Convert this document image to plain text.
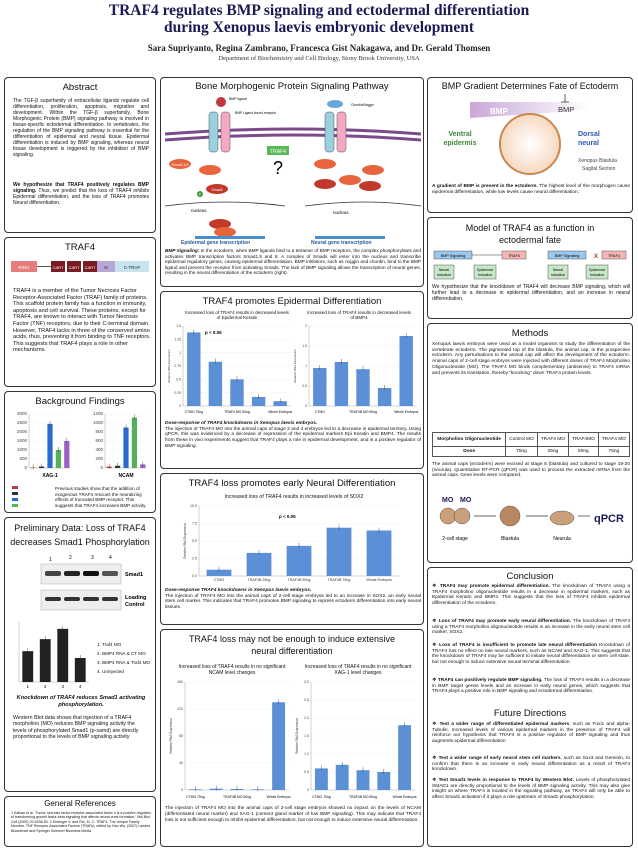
TRAF4 regulates BMP signaling and ectodermal differentiation
during Xenopus laevis embryonic development
Sara Supriyanto, Regina Zambrano, Francesca Gist Nakagawa, and Dr. Gerald Thomsen
Department of Biochemistry and Cell Biology, Stony Brook University, USA
Abstract
The TGF-β superfamily of extracellular ligands regulate cell differentiation, proliferation, apoptosis, migration and development. Within the TGF-β superfamily, Bone Morphogenic Protein (BMP) signaling pathway is involved in tissue-specific ectodermal differentiation. In vertebrates, the regulation of the BMP signaling pathway is essential for the differentiation of epidermal and neural tissue. Epidermal differentiation is induced by BMP signaling, whereas neural tissue development is triggered by the inhibition of BMP signaling.
We hypothesize that TRAF4 positively regulates BMP signaling. Thus, we predict that the loss of TRAF4 inhibits Epidermal differentiation, and the loss of TRAF4 promotes Neural differentiation.
TRAF4
RING	CART CART CART N	C-TRAF
TRAF4 is a member of the Tumor Necrosis Factor Receptor-Associated Factor (TRAF) family of proteins. This scaffold protein family has a function in immunity, apoptosis and cell survival. These proteins, except for TRAF4, are known to interact with Tumor Necrosis Factor (TNF) receptors, due to their C-terminal domain. However, TRAF4 lacks in three of the conserved amino acids, thus, preventing it from binding to TNF receptors. This suggests that TRAF4 plays a role in other mechanisms.
Background Findings
3000
2500
2000
1500
1000
500
0
XAG-1
1200
1000
800
600
400
200
0
NCAM
Previous studies show that the addition of exogenous TRAF4 rescues the neuralizing effects of truncated BMP receptor. This suggests that TRAF4 increases BMP activity.
Preliminary Data: Loss of TRAF4
decreases Smad1 Phosphorylation
1	2	3	4
Smad1
Loading
Control
1	2	3	4
1. Traf4 MO
2. BMP4 RNA & CT MO
3. BMP4 RNA & Traf4 MO
4. Uninjected
Knockdown of TRAF4 reduces Smad1 activating phosphorylation.
Western Blot data shows that injection of a TRAF4 morpholino (MO) reduces BMP signaling activity the levels of phosphorylated Smad1 (p-samd) are directly proportional to the levels of BMP signaling activity
General References
1 Kalkan et al. 'Tumor necrosis factor-receptor-associated factor 4 is a positive regulator of transforming growth factor-beta signaling that affects neural crest formation.' Mol Biol Cell (2009) 20:3436-50. 2 Kedinger V, and Rio, M. C. TRAF4, The Unique Family Member. TNF Receptor Associated Factors (TRAFs), edited by Hao Wu, (2007) Landes Bioscience and Springer Science+Business Media
Bone Morphogenic Protein Signaling Pathway
BMP ligand
BMP Ligand bound receptor
Chordin/Noggin
TRAF4
?
Smad1,5,8
Smad4
P
nucleus	nucleus
Epidermal gene transcription	Neural gene transcription
BMP Signaling: In the ectoderm, when BMP ligands bind to a tetramer of BMP receptors, the complex phosphorylates and activates BMP transcription factors Smad1,5 and 8. A complex of Smads will enter into the nucleus and transcribe epidermal regulatory genes, causing epidermal differentiation. BMP inhibitors, such as noggin and chordin, bind to the BMP ligand and prevent the receptor from activating Smads. The lack of BMP signaling allows the transcription of neural genes, resulting in the neural differentiation of the ectoderm (right).
BMP Gradient Determines Fate of Ectoderm
BMP	BMP
Ventral
epidermis
Dorsal
neural
Xenopus Blastula
Sagital Section
A gradient of BMP is present in the ectoderm. The highest level of the morphogen cause epidermal differentiation, while low levels cause neural differentiation.
Model of TRAF4 as a function in
ectodermal fate
BMP Signaling	TRAF4	BMP Signaling X	TRAF4
Neural
Induction
Epidermal
Induction
Neural
Induction
Epidermal
Induction
We hypothesize that the knockdown of TRAF4 will decrease BMP signaling, which will further lead to a decrease in epidermal differentiation, and an increase in neural differentiation.
TRAF4 promotes Epidermal Differentiation
Increased loss of TRAF4 results in decreased levels of Epidermal Keratin
Increased loss of TRAF4 results in decreased levels of BMP4
1.5
1.25
1
0.75
0.5
0.25
0
Relative RNA Expression
p < 0.05
CTMO 75ng	TRAF4 MO 50ng	Whole Embryos
2
1.5
1
0.5
0
Relative RNA Expression
CTMO	TRAF4B MO 50ng	Whole Embryos
Dose-response of TRAF4 knockdowns in Xenopus laevis embryos.
The injection of TRAF4 MO into the animal caps of stage 2 and 4 embryos led to a decrease in epidermal territory. Using qPCR, this was evidenced by a decrease of expression of the epidermal markers Epi Keratin and BMP4. The results from these in vivo experiments suggest that TRAF4 plays a role in epidermal development, and is a positive regulator of BMP signaling.
TRAF4 loss promotes early Neural Differentiation
Increased loss of TRAF4 results in increased levels of SOX2
10.0
7.5
5.0
2.5
0.0
CTMO	TRAF4B 25ng	TRAF4B 50ng	TRAF4B 75ng	Whole Embryos
Relative RNA Expression
p < 0.05
Dose-response TRAF4 knockdowns in Xenopus laevis embryos.
The injection of TRAF4 MO into the animal caps of 2-cell stage embryos led to an increase in SOX2, an early neural stem cell marker. This indicates that TRAF4 promotes BMP signaling to repress ectoderm differentiation into early neural tissues.
TRAF4 loss may not be enough to induce extensive
neural differentiation
Increased loss of TRAF4 results in no significant NCAM level changes
Increased loss of TRAF4 results in no significant XAG-1 level changes
160
120
80
40
0
Relative RNA Expression
CTMO 75ng	TRAF4B MO 50ng	Whole Embryos
3.0
2.5
2.0
1.5
1.0
0.5
0
Relative RNA Expression
CTMO 75ng	TRAF4B MO 50ng	Whole Embryos
The injection of TRAF4 MO into the animal caps of 2-cell stage embryos showed no impact on the levels of NCAM (differentiated neural marker) and XAG-1 (cement gland marker of low BMP signaling). This may indicate that TRAF4 loss is not sufficient enough to inhibit epidermal differentiation, but not enough to induce extensive neural differentiation.
Methods
Xenopus laevis embryos were used as a model organism to study the differentiation of the vertebrate ectoderm. The pigmented top of the blastula, the animal cap, is the prospective ectoderm. Any perturbations to the animal cap will affect the development of the ectoderm. Animal caps of 2-cell stage embryos were injected with different doses of TRAF4 Morpholino Oligonucleotide (MO). The TRAF4 MO binds complementary (antisense) to TRAF4 mRNA and prevents its translation, thereby "knocking" down TRAF4 protein levels.
Morpholino Oligonucleotide	Control MO	TRAF4 MO	TRAF4MO	TRAF4 MO
Dose	75ng	25ng	50ng	75ng
The animal caps (ectoderm) were excised at stage 8 (blastula) and cultured to stage 19-20 (neurula). Quantitative RT-PCR (qPCR) was used to process the extracted mRNA from the animal caps. Gene levels were compared.
MO MO
qPCR
2-cell stage	Blastula	Neurula
Conclusion
❖ TRAF4 may promote epidermal differentiation. The knockdown of TRAF4 using a TRAF4 morpholino oligonucleotide results in a decrease in epidermal markers, such as Epidermal Keratin and BMP4. This suggests that the loss of TRAF4 inhibits epidermal differentiation of the ectoderm.
❖ Loss of TRAF4 may promote early neural differentiation. The knockdown of TRAF4 using a TRAF4 morpholino oligonucleotide results in an increase in the early neural stem cell marker, SOX2.
❖ Loss of TRAF4 is insufficient to promote late neural differentiation Knockdown of TRAF4 has no effect on late neural markers, such as NCAM and XAG-1. This suggests that the knockdown of TRAF4 may be sufficient to initiate neural differentiation or stem cell state, but not enough to induce extensive neural terminal differentiation.
❖ TRAF4 can positively regulate BMP signaling. The loss of TRAF4 results in a decrease in BMP target genes levels and an increase in early neural genes, which suggests that TRAF4 plays a positive role in BMP signaling and ectodermal differentiation.
Future Directions
❖ Test a wider range of differentiated epidermal markers, such as Foxi1 and alpha-Tubulin. Increased levels of various epidermal markers in the presence of TRAF4 will reinforce our hypothesis that TRAF4 is a positive regulator of BMP signaling and thus augments epidermal differentiation
❖ Test a wider range of early neural stem cell markers, such as Sox3 and Geminin, to confirm that there is an increase in early neural differentiation as a result of TRAF4 knockdown.
❖ Test Smad1 levels in response to TRAF4 by Western Blot. Levels of phosphorylated SMAD1 are directly proportional to the levels of BMP signaling activity. This may also give insight on where TRAF4 is located in the signaling pathway, as TRAF4 will only be able to affect Smad1 activation if it plays a role upstream of Smad1 phosphorylation.
